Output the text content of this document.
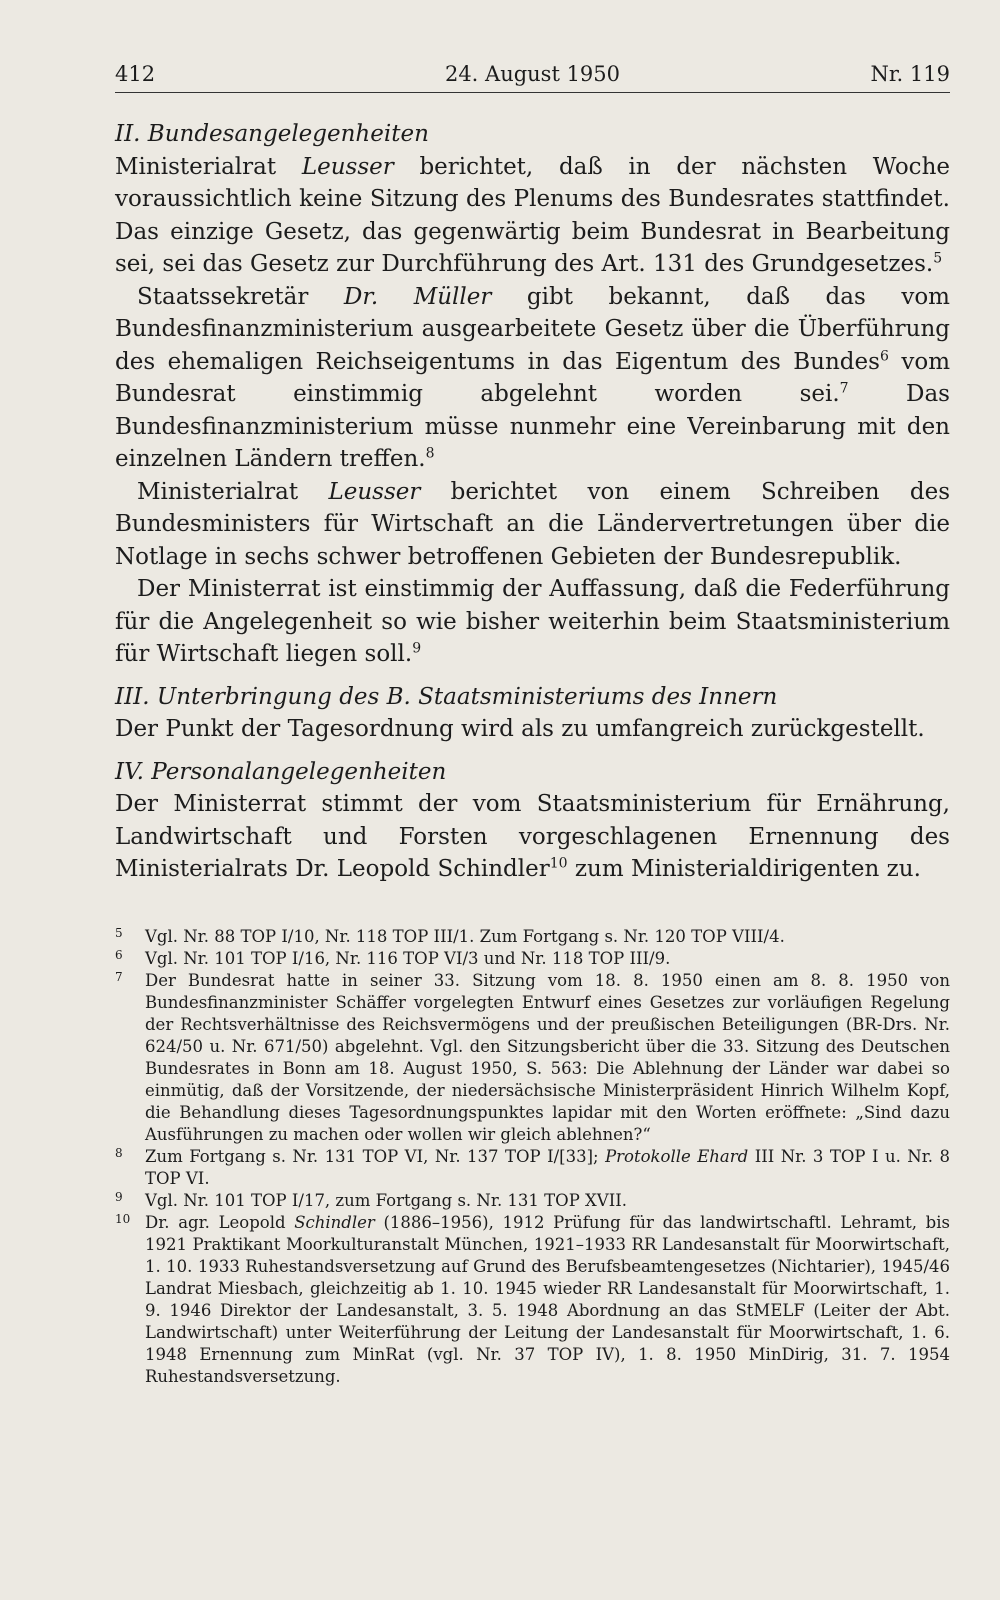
412	24. August 1950	Nr. 119

II. Bundesangelegenheiten

Ministerialrat Leusser berichtet, daß in der nächsten Woche voraussichtlich keine Sitzung des Plenums des Bundesrates stattfindet. Das einzige Gesetz, das gegenwärtig beim Bundesrat in Bearbeitung sei, sei das Gesetz zur Durchführung des Art. 131 des Grundgesetzes.$^5$

Staatssekretär Dr. Müller gibt bekannt, daß das vom Bundesfinanzministerium ausgearbeitete Gesetz über die Überführung des ehemaligen Reichseigentums in das Eigentum des Bundes$^6$ vom Bundesrat einstimmig abgelehnt worden sei.$^7$ Das Bundesfinanzministerium müsse nunmehr eine Vereinbarung mit den einzelnen Ländern treffen.$^8$

Ministerialrat Leusser berichtet von einem Schreiben des Bundesministers für Wirtschaft an die Ländervertretungen über die Notlage in sechs schwer betroffenen Gebieten der Bundesrepublik.

Der Ministerrat ist einstimmig der Auffassung, daß die Federführung für die Angelegenheit so wie bisher weiterhin beim Staatsministerium für Wirtschaft liegen soll.$^9$

III. Unterbringung des B. Staatsministeriums des Innern

Der Punkt der Tagesordnung wird als zu umfangreich zurückgestellt.

IV. Personalangelegenheiten

Der Ministerrat stimmt der vom Staatsministerium für Ernährung, Landwirtschaft und Forsten vorgeschlagenen Ernennung des Ministerialrats Dr. Leopold Schindler$^{10}$ zum Ministerialdirigenten zu.

5 Vgl. Nr. 88 TOP I/10, Nr. 118 TOP III/1. Zum Fortgang s. Nr. 120 TOP VIII/4.

6 Vgl. Nr. 101 TOP I/16, Nr. 116 TOP VI/3 und Nr. 118 TOP III/9.

7 Der Bundesrat hatte in seiner 33. Sitzung vom 18. 8. 1950 einen am 8. 8. 1950 von Bundesfinanzminister Schäffer vorgelegten Entwurf eines Gesetzes zur vorläufigen Regelung der Rechtsverhältnisse des Reichsvermögens und der preußischen Beteiligungen (BR-Drs. Nr. 624/50 u. Nr. 671/50) abgelehnt. Vgl. den Sitzungsbericht über die 33. Sitzung des Deutschen Bundesrates in Bonn am 18. August 1950, S. 563: Die Ablehnung der Länder war dabei so einmütig, daß der Vorsitzende, der niedersächsische Ministerpräsident Hinrich Wilhelm Kopf, die Behandlung dieses Tagesordnungspunktes lapidar mit den Worten eröffnete: „Sind dazu Ausführungen zu machen oder wollen wir gleich ablehnen?“

8 Zum Fortgang s. Nr. 131 TOP VI, Nr. 137 TOP I/[33]; Protokolle Ehard III Nr. 3 TOP I u. Nr. 8 TOP VI.

9 Vgl. Nr. 101 TOP I/17, zum Fortgang s. Nr. 131 TOP XVII.

10 Dr. agr. Leopold Schindler (1886–1956), 1912 Prüfung für das landwirtschaftl. Lehramt, bis 1921 Praktikant Moorkulturanstalt München, 1921–1933 RR Landesanstalt für Moorwirtschaft, 1. 10. 1933 Ruhestandsversetzung auf Grund des Berufsbeamtengesetzes (Nichtarier), 1945/46 Landrat Miesbach, gleichzeitig ab 1. 10. 1945 wieder RR Landesanstalt für Moorwirtschaft, 1. 9. 1946 Direktor der Landesanstalt, 3. 5. 1948 Abordnung an das StMELF (Leiter der Abt. Landwirtschaft) unter Weiterführung der Leitung der Landesanstalt für Moorwirtschaft, 1. 6. 1948 Ernennung zum MinRat (vgl. Nr. 37 TOP IV), 1. 8. 1950 MinDirig, 31. 7. 1954 Ruhestandsversetzung.
